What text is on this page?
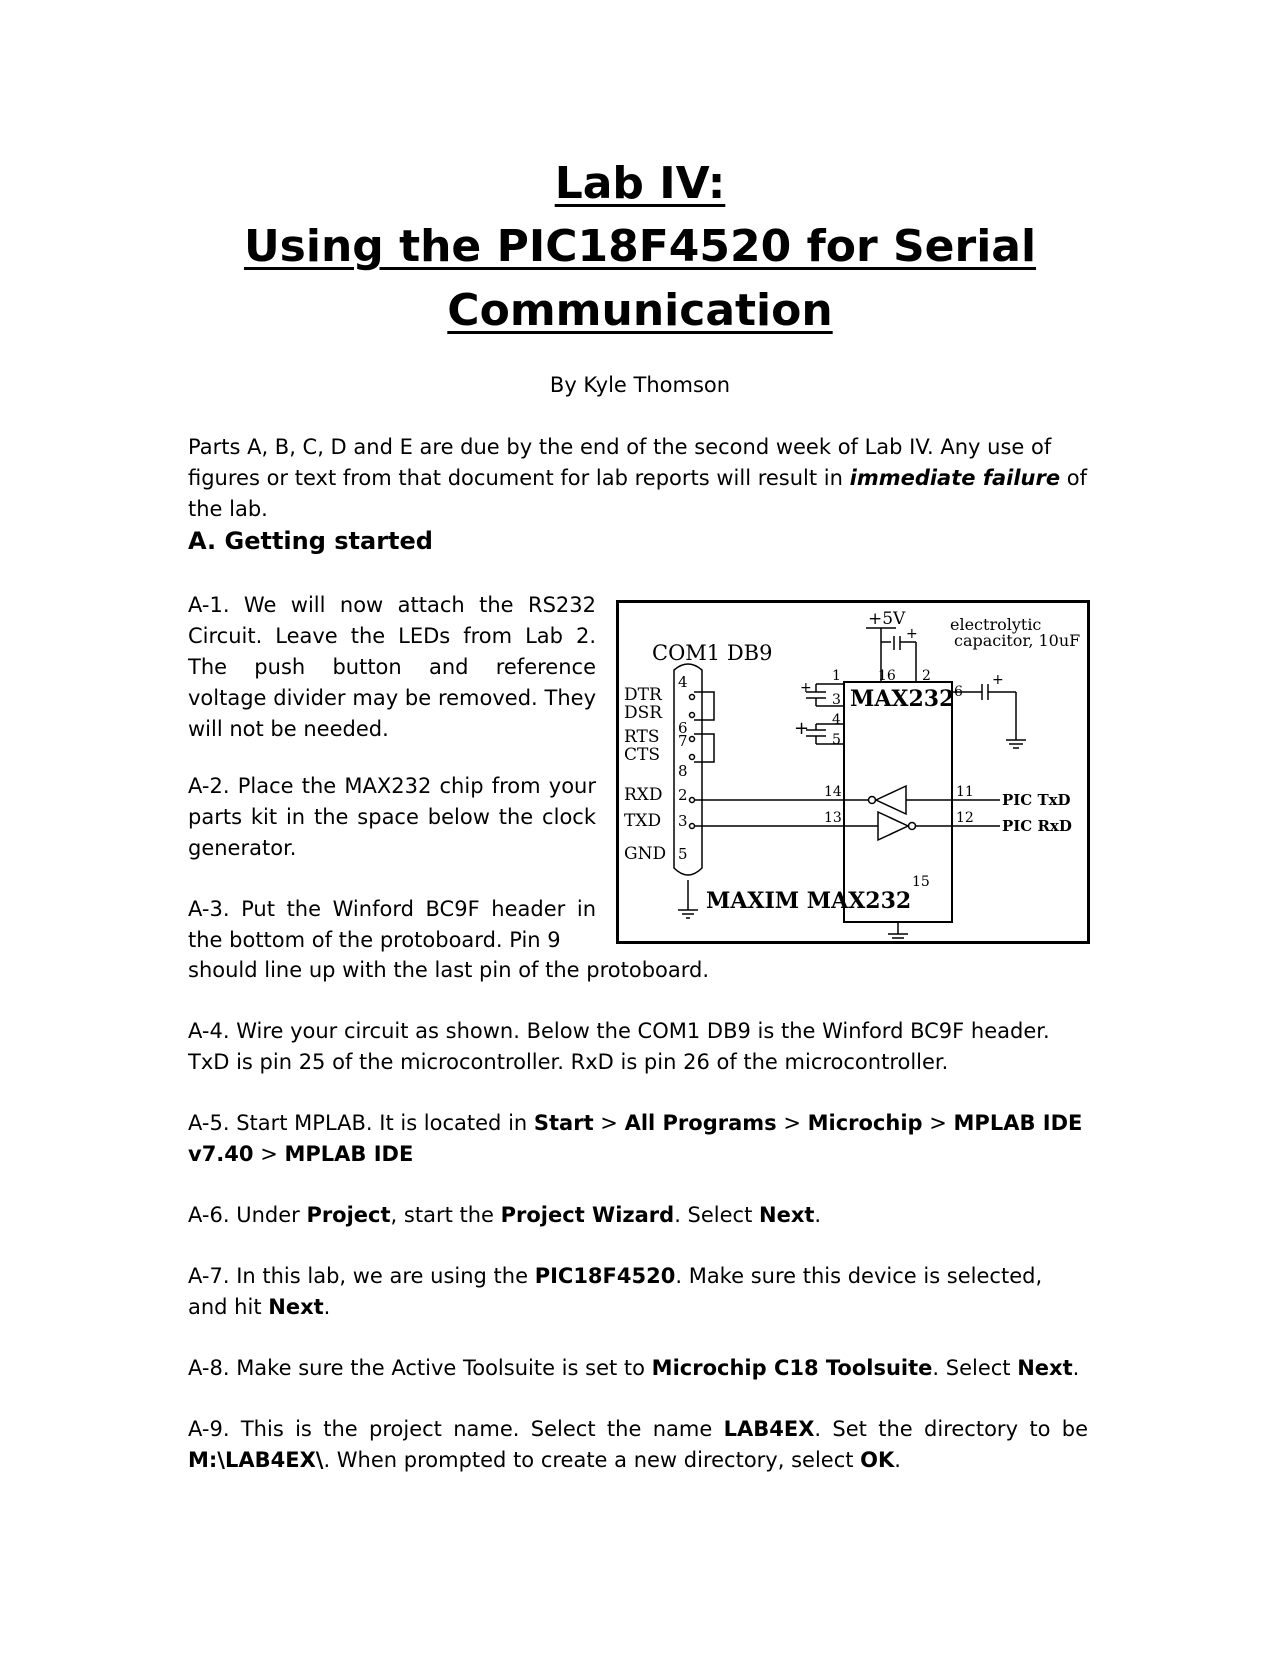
Lab IV:
Using the PIC18F4520 for Serial
Communication
By Kyle Thomson
Parts A, B, C, D and E are due by the end of the second week of Lab IV. Any use of figures or text from that document for lab reports will result in immediate failure of the lab.
A. Getting started
A-1. We will now attach the RS232 Circuit. Leave the LEDs from Lab 2. The push button and reference voltage divider may be removed. They will not be needed.
A-2. Place the MAX232 chip from your parts kit in the space below the clock generator.
A-3. Put the Winford BC9F header in the bottom of the protoboard. Pin 9
should line up with the last pin of the protoboard.
COM1 DB9
DTR
DSR
RTS
CTS
RXD
TXD
GND
4
6
7
8
2
3
5
+5V
+ electrolytic
capacitor, 10uF
MAX232
1	16 2
3
4
5
6
14
13
11
12
15
+
+
+
PIC TxD
PIC RxD
MAXIM MAX232
A-4. Wire your circuit as shown. Below the COM1 DB9 is the Winford BC9F header. TxD is pin 25 of the microcontroller. RxD is pin 26 of the microcontroller.
A-5. Start MPLAB. It is located in Start > All Programs > Microchip > MPLAB IDE v7.40 > MPLAB IDE
A-6. Under Project, start the Project Wizard. Select Next.
A-7. In this lab, we are using the PIC18F4520. Make sure this device is selected, and hit Next.
A-8. Make sure the Active Toolsuite is set to Microchip C18 Toolsuite. Select Next.
A-9. This is the project name. Select the name LAB4EX. Set the directory to be M:\LAB4EX\. When prompted to create a new directory, select OK.
